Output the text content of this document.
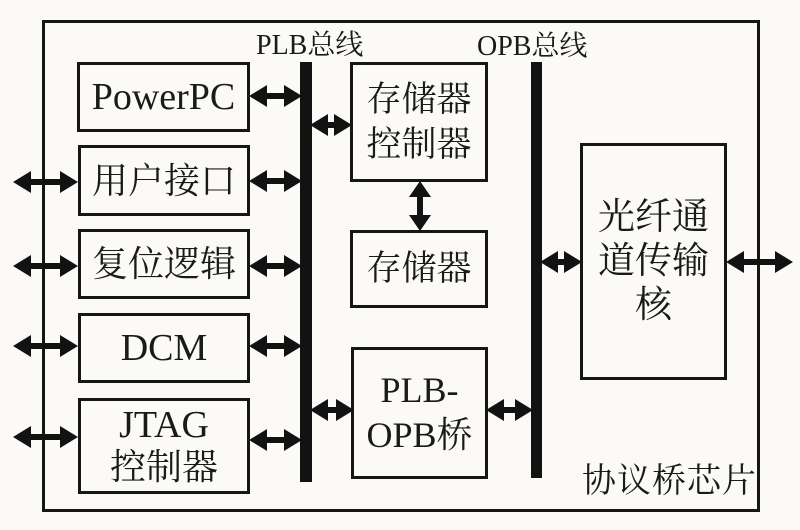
PLB总线	OPB总线
协议桥芯片
PowerPC
用户接口
复位逻辑
DCM
JTAG
控制器
存储器
控制器
存储器
PLB-
OPB桥
光纤通
道传输
核
